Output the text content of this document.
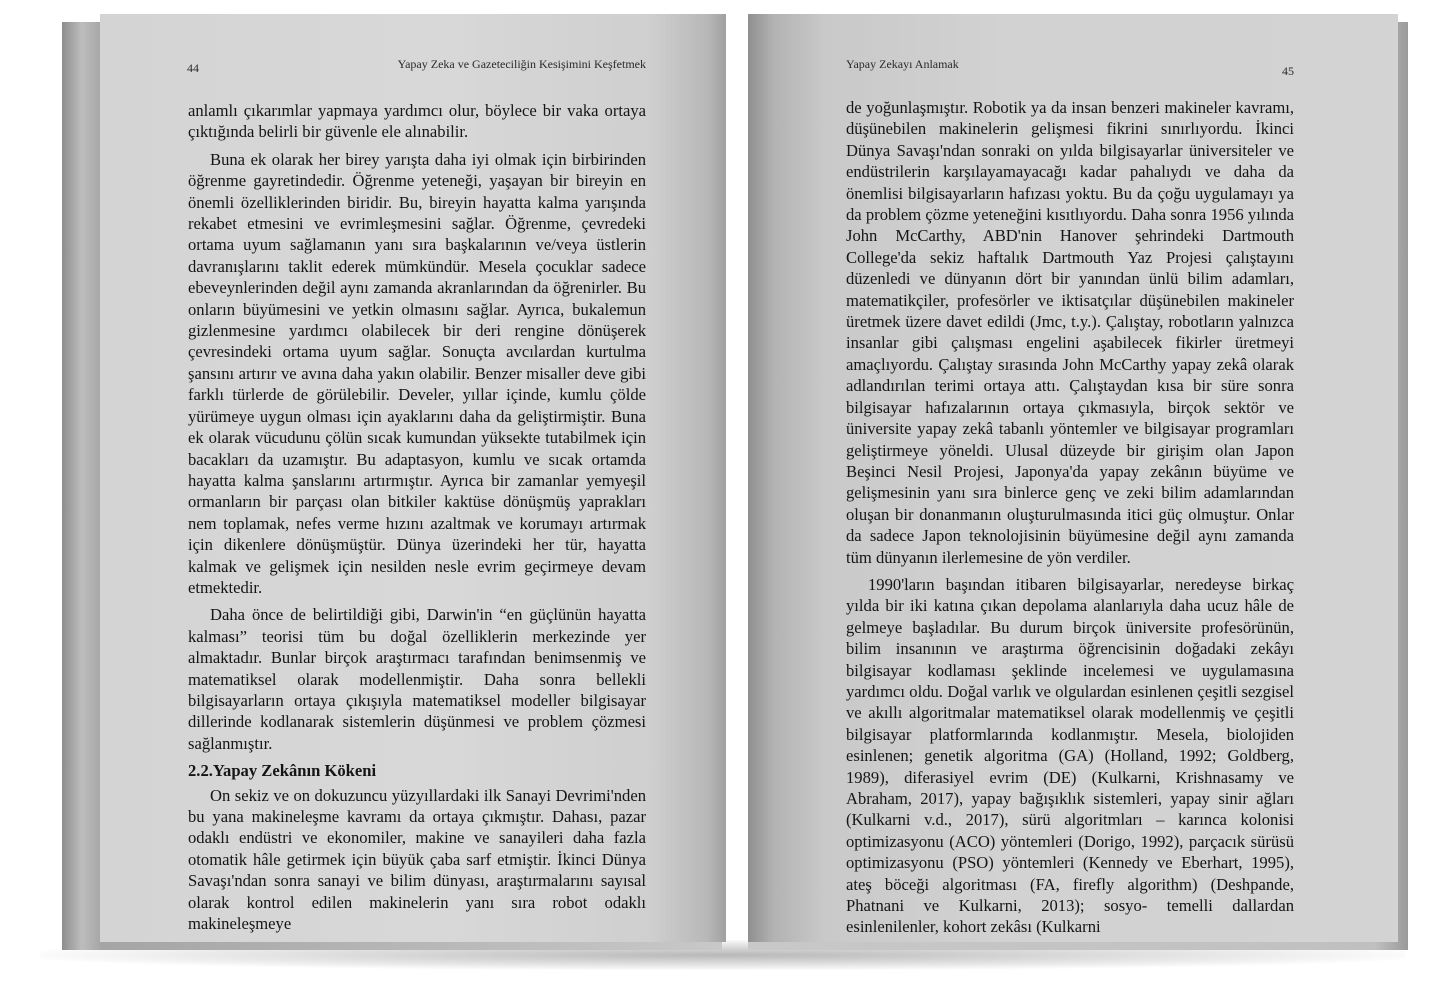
44	Yapay Zeka ve Gazeteciliğin Kesişimini Keşfetmek

anlamlı çıkarımlar yapmaya yardımcı olur, böylece bir vaka ortaya çıktığında belirli bir güvenle ele alınabilir.

Buna ek olarak her birey yarışta daha iyi olmak için birbirinden öğrenme gayretindedir. Öğrenme yeteneği, yaşayan bir bireyin en önemli özelliklerinden biridir. Bu, bireyin hayatta kalma yarışında rekabet etmesini ve evrimleşmesini sağlar. Öğrenme, çevredeki ortama uyum sağlamanın yanı sıra başkalarının ve/veya üstlerin davranışlarını taklit ederek mümkündür. Mesela çocuklar sadece ebeveynlerinden değil aynı zamanda akranlarından da öğrenirler. Bu onların büyümesini ve yetkin olmasını sağlar. Ayrıca, bukalemun gizlenmesine yardımcı olabilecek bir deri rengine dönüşerek çevresindeki ortama uyum sağlar. Sonuçta avcılardan kurtulma şansını artırır ve avına daha yakın olabilir. Benzer misaller deve gibi farklı türlerde de görülebilir. Develer, yıllar içinde, kumlu çölde yürümeye uygun olması için ayaklarını daha da geliştirmiştir. Buna ek olarak vücudunu çölün sıcak kumundan yüksekte tutabilmek için bacakları da uzamıştır. Bu adaptasyon, kumlu ve sıcak ortamda hayatta kalma şanslarını artırmıştır. Ayrıca bir zamanlar yemyeşil ormanların bir parçası olan bitkiler kaktüse dönüşmüş yaprakları nem toplamak, nefes verme hızını azaltmak ve korumayı artırmak için dikenlere dönüşmüştür. Dünya üzerindeki her tür, hayatta kalmak ve gelişmek için nesilden nesle evrim geçirmeye devam etmektedir.

Daha önce de belirtildiği gibi, Darwin'in “en güçlünün hayatta kalması” teorisi tüm bu doğal özelliklerin merkezinde yer almaktadır. Bunlar birçok araştırmacı tarafından benimsenmiş ve matematiksel olarak modellenmiştir. Daha sonra bellekli bilgisayarların ortaya çıkışıyla matematiksel modeller bilgisayar dillerinde kodlanarak sistemlerin düşünmesi ve problem çözmesi sağlanmıştır.

2.2.Yapay Zekânın Kökeni

On sekiz ve on dokuzuncu yüzyıllardaki ilk Sanayi Devrimi'nden bu yana makineleşme kavramı da ortaya çıkmıştır. Dahası, pazar odaklı endüstri ve ekonomiler, makine ve sanayileri daha fazla otomatik hâle getirmek için büyük çaba sarf etmiştir. İkinci Dünya Savaşı'ndan sonra sanayi ve bilim dünyası, araştırmalarını sayısal olarak kontrol edilen makinelerin yanı sıra robot odaklı makineleşmeye

Yapay Zekayı Anlamak	45

de yoğunlaşmıştır. Robotik ya da insan benzeri makineler kavramı, düşünebilen makinelerin gelişmesi fikrini sınırlıyordu. İkinci Dünya Savaşı'ndan sonraki on yılda bilgisayarlar üniversiteler ve endüstrilerin karşılayamayacağı kadar pahalıydı ve daha da önemlisi bilgisayarların hafızası yoktu. Bu da çoğu uygulamayı ya da problem çözme yeteneğini kısıtlıyordu. Daha sonra 1956 yılında John McCarthy, ABD'nin Hanover şehrindeki Dartmouth College'da sekiz haftalık Dartmouth Yaz Projesi çalıştayını düzenledi ve dünyanın dört bir yanından ünlü bilim adamları, matematikçiler, profesörler ve iktisatçılar düşünebilen makineler üretmek üzere davet edildi (Jmc, t.y.). Çalıştay, robotların yalnızca insanlar gibi çalışması engelini aşabilecek fikirler üretmeyi amaçlıyordu. Çalıştay sırasında John McCarthy yapay zekâ olarak adlandırılan terimi ortaya attı. Çalıştaydan kısa bir süre sonra bilgisayar hafızalarının ortaya çıkmasıyla, birçok sektör ve üniversite yapay zekâ tabanlı yöntemler ve bilgisayar programları geliştirmeye yöneldi. Ulusal düzeyde bir girişim olan Japon Beşinci Nesil Projesi, Japonya'da yapay zekânın büyüme ve gelişmesinin yanı sıra binlerce genç ve zeki bilim adamlarından oluşan bir donanmanın oluşturulmasında itici güç olmuştur. Onlar da sadece Japon teknolojisinin büyümesine değil aynı zamanda tüm dünyanın ilerlemesine de yön verdiler.

1990'ların başından itibaren bilgisayarlar, neredeyse birkaç yılda bir iki katına çıkan depolama alanlarıyla daha ucuz hâle de gelmeye başladılar. Bu durum birçok üniversite profesörünün, bilim insanının ve araştırma öğrencisinin doğadaki zekâyı bilgisayar kodlaması şeklinde incelemesi ve uygulamasına yardımcı oldu. Doğal varlık ve olgulardan esinlenen çeşitli sezgisel ve akıllı algoritmalar matematiksel olarak modellenmiş ve çeşitli bilgisayar platformlarında kodlanmıştır. Mesela, biolojiden esinlenen; genetik algoritma (GA) (Holland, 1992; Goldberg, 1989), diferasiyel evrim (DE) (Kulkarni, Krishnasamy ve Abraham, 2017), yapay bağışıklık sistemleri, yapay sinir ağları (Kulkarni v.d., 2017), sürü algoritmları – karınca kolonisi optimizasyonu (ACO) yöntemleri (Dorigo, 1992), parçacık sürüsü optimizasyonu (PSO) yöntemleri (Kennedy ve Eberhart, 1995), ateş böceği algoritması (FA, firefly algorithm) (Deshpande, Phatnani ve Kulkarni, 2013); sosyo- temelli dallardan esinlenilenler, kohort zekâsı (Kulkarni
